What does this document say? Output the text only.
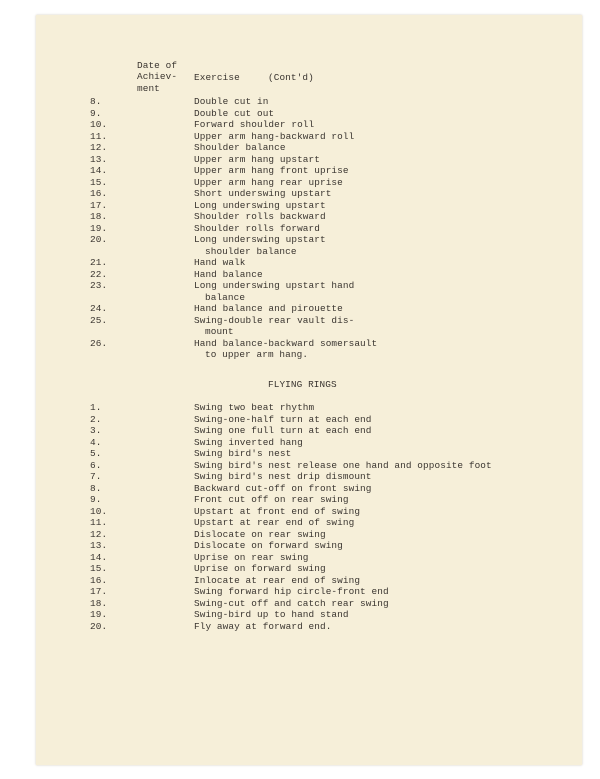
Date of
Achiev-
ment
Exercise	(Cont'd)
8.	Double cut in
9.	Double cut out
10.	Forward shoulder roll
11.	Upper arm hang-backward roll
12.	Shoulder balance
13.	Upper arm hang upstart
14.	Upper arm hang front uprise
15.	Upper arm hang rear uprise
16.	Short underswing upstart
17.	Long underswing upstart
18.	Shoulder rolls backward
19.	Shoulder rolls forward
20.	Long underswing upstart
shoulder balance
21.	Hand walk
22.	Hand balance
23.	Long underswing upstart hand
balance
24.	Hand balance and pirouette
25.	Swing-double rear vault dis-
mount
26.	Hand balance-backward somersault
to upper arm hang.
FLYING RINGS
1.	Swing two beat rhythm
2.	Swing-one-half turn at each end
3.	Swing one full turn at each end
4.	Swing inverted hang
5.	Swing bird's nest
6.	Swing bird's nest release one hand and opposite foot
7.	Swing bird's nest drip dismount
8.	Backward cut-off on front swing
9.	Front cut off on rear swing
10.	Upstart at front end of swing
11.	Upstart at rear end of swing
12.	Dislocate on rear swing
13.	Dislocate on forward swing
14.	Uprise on rear swing
15.	Uprise on forward swing
16.	Inlocate at rear end of swing
17.	Swing forward hip circle-front end
18.	Swing-cut off and catch rear swing
19.	Swing-bird up to hand stand
20.	Fly away at forward end.
